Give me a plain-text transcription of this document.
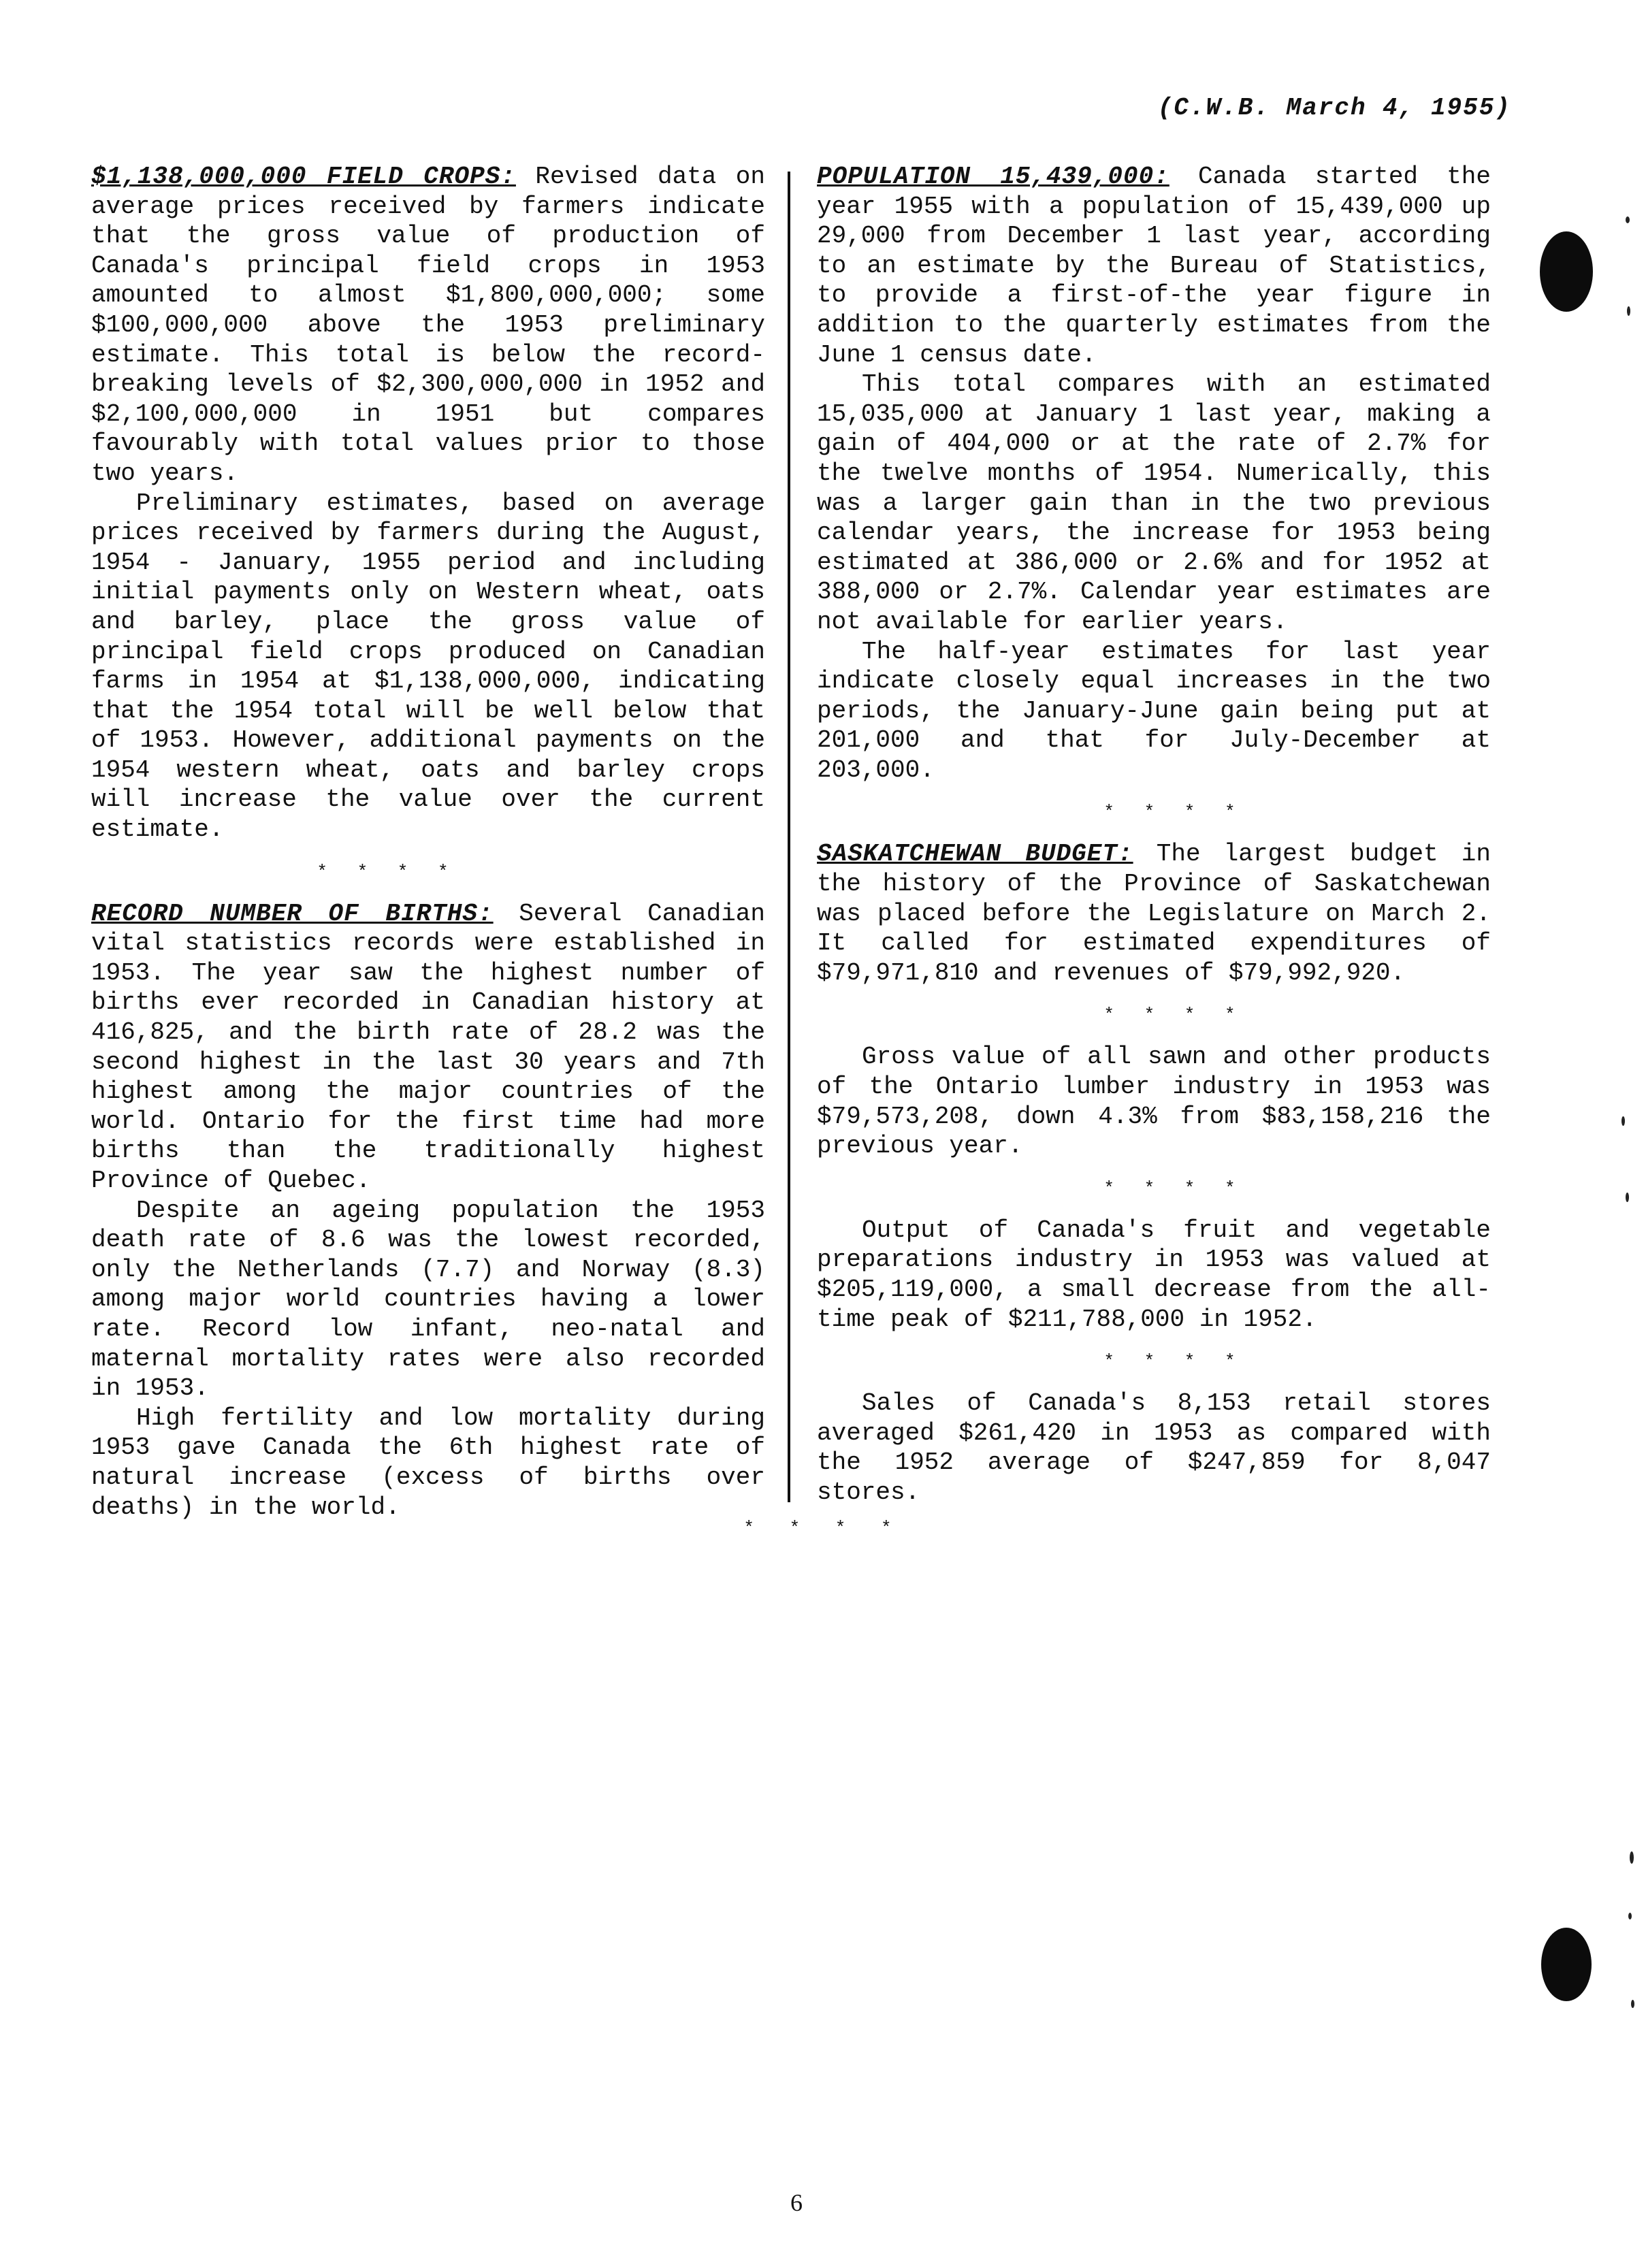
(C.W.B. March 4, 1955)

$1,138,000,000 FIELD CROPS: Revised data on average prices received by farmers indicate that the gross value of production of Canada's principal field crops in 1953 amounted to almost $1,800,000,000; some $100,000,000 above the 1953 preliminary estimate. This total is below the record-breaking levels of $2,300,000,000 in 1952 and $2,100,000,000 in 1951 but compares favourably with total values prior to those two years.

Preliminary estimates, based on average prices received by farmers during the August, 1954 - January, 1955 period and including initial payments only on Western wheat, oats and barley, place the gross value of principal field crops produced on Canadian farms in 1954 at $1,138,000,000, indicating that the 1954 total will be well below that of 1953. However, additional payments on the 1954 western wheat, oats and barley crops will increase the value over the current estimate.

* * * *

RECORD NUMBER OF BIRTHS: Several Canadian vital statistics records were established in 1953. The year saw the highest number of births ever recorded in Canadian history at 416,825, and the birth rate of 28.2 was the second highest in the last 30 years and 7th highest among the major countries of the world. Ontario for the first time had more births than the traditionally highest Province of Quebec.

Despite an ageing population the 1953 death rate of 8.6 was the lowest recorded, only the Netherlands (7.7) and Norway (8.3) among major world countries having a lower rate. Record low infant, neo-natal and maternal mortality rates were also recorded in 1953.

High fertility and low mortality during 1953 gave Canada the 6th highest rate of natural increase (excess of births over deaths) in the world.

POPULATION 15,439,000: Canada started the year 1955 with a population of 15,439,000 up 29,000 from December 1 last year, according to an estimate by the Bureau of Statistics, to provide a first-of-the year figure in addition to the quarterly estimates from the June 1 census date.

This total compares with an estimated 15,035,000 at January 1 last year, making a gain of 404,000 or at the rate of 2.7% for the twelve months of 1954. Numerically, this was a larger gain than in the two previous calendar years, the increase for 1953 being estimated at 386,000 or 2.6% and for 1952 at 388,000 or 2.7%. Calendar year estimates are not available for earlier years.

The half-year estimates for last year indicate closely equal increases in the two periods, the January-June gain being put at 201,000 and that for July-December at 203,000.

* * * *

SASKATCHEWAN BUDGET: The largest budget in the history of the Province of Saskatchewan was placed before the Legislature on March 2. It called for estimated expenditures of $79,971,810 and revenues of $79,992,920.

* * * *

Gross value of all sawn and other products of the Ontario lumber industry in 1953 was $79,573,208, down 4.3% from $83,158,216 the previous year.

* * * *

Output of Canada's fruit and vegetable preparations industry in 1953 was valued at $205,119,000, a small decrease from the all-time peak of $211,788,000 in 1952.

* * * *

Sales of Canada's 8,153 retail stores averaged $261,420 in 1953 as compared with the 1952 average of $247,859 for 8,047 stores.

* * * *
6
